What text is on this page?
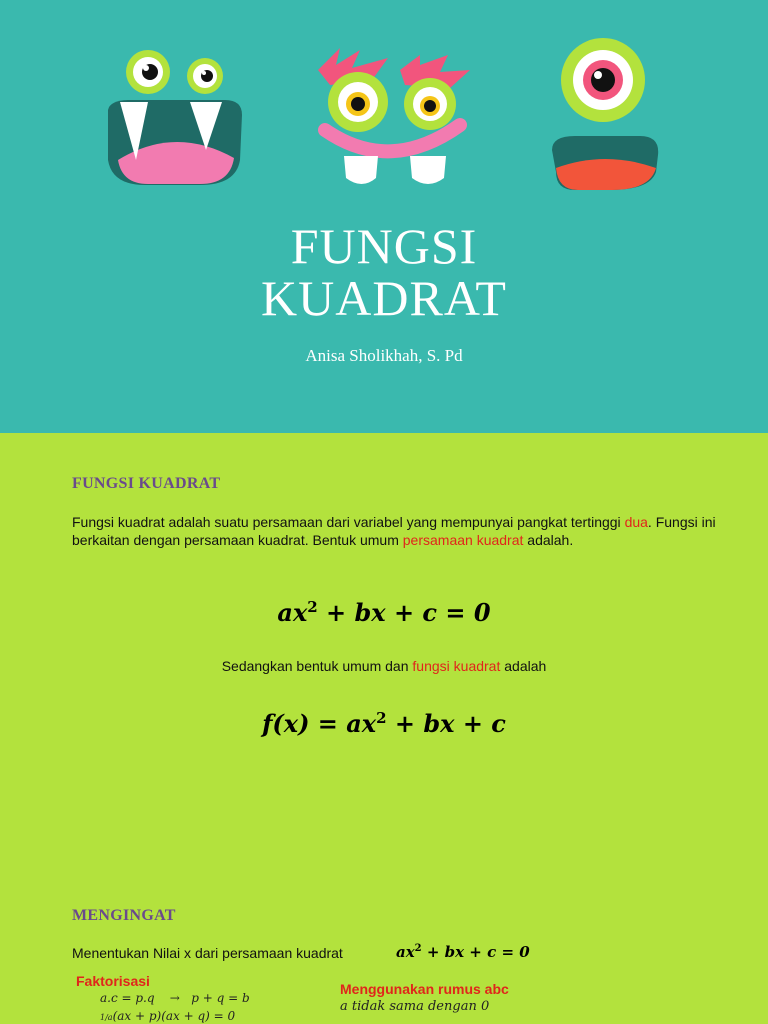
FUNGSI
KUADRAT
Anisa Sholikhah, S. Pd
FUNGSI KUADRAT
Fungsi kuadrat adalah suatu persamaan dari variabel yang mempunyai pangkat tertinggi dua. Fungsi ini berkaitan dengan persamaan kuadrat. Bentuk umum persamaan kuadrat adalah.
$ax^2$ + bx + c = 0
Sedangkan bentuk umum dan fungsi kuadrat adalah
$f(x) = ax^2$ + bx + c
MENGINGAT
Menentukan Nilai x dari persamaan kuadrat	$ax^2$ + bx + c = 0
Faktorisasi
a.c = p.q    →   p + q = b
1/a(ax + p)(ax + q) = 0
Menggunakan rumus abc
a tidak sama dengan 0
